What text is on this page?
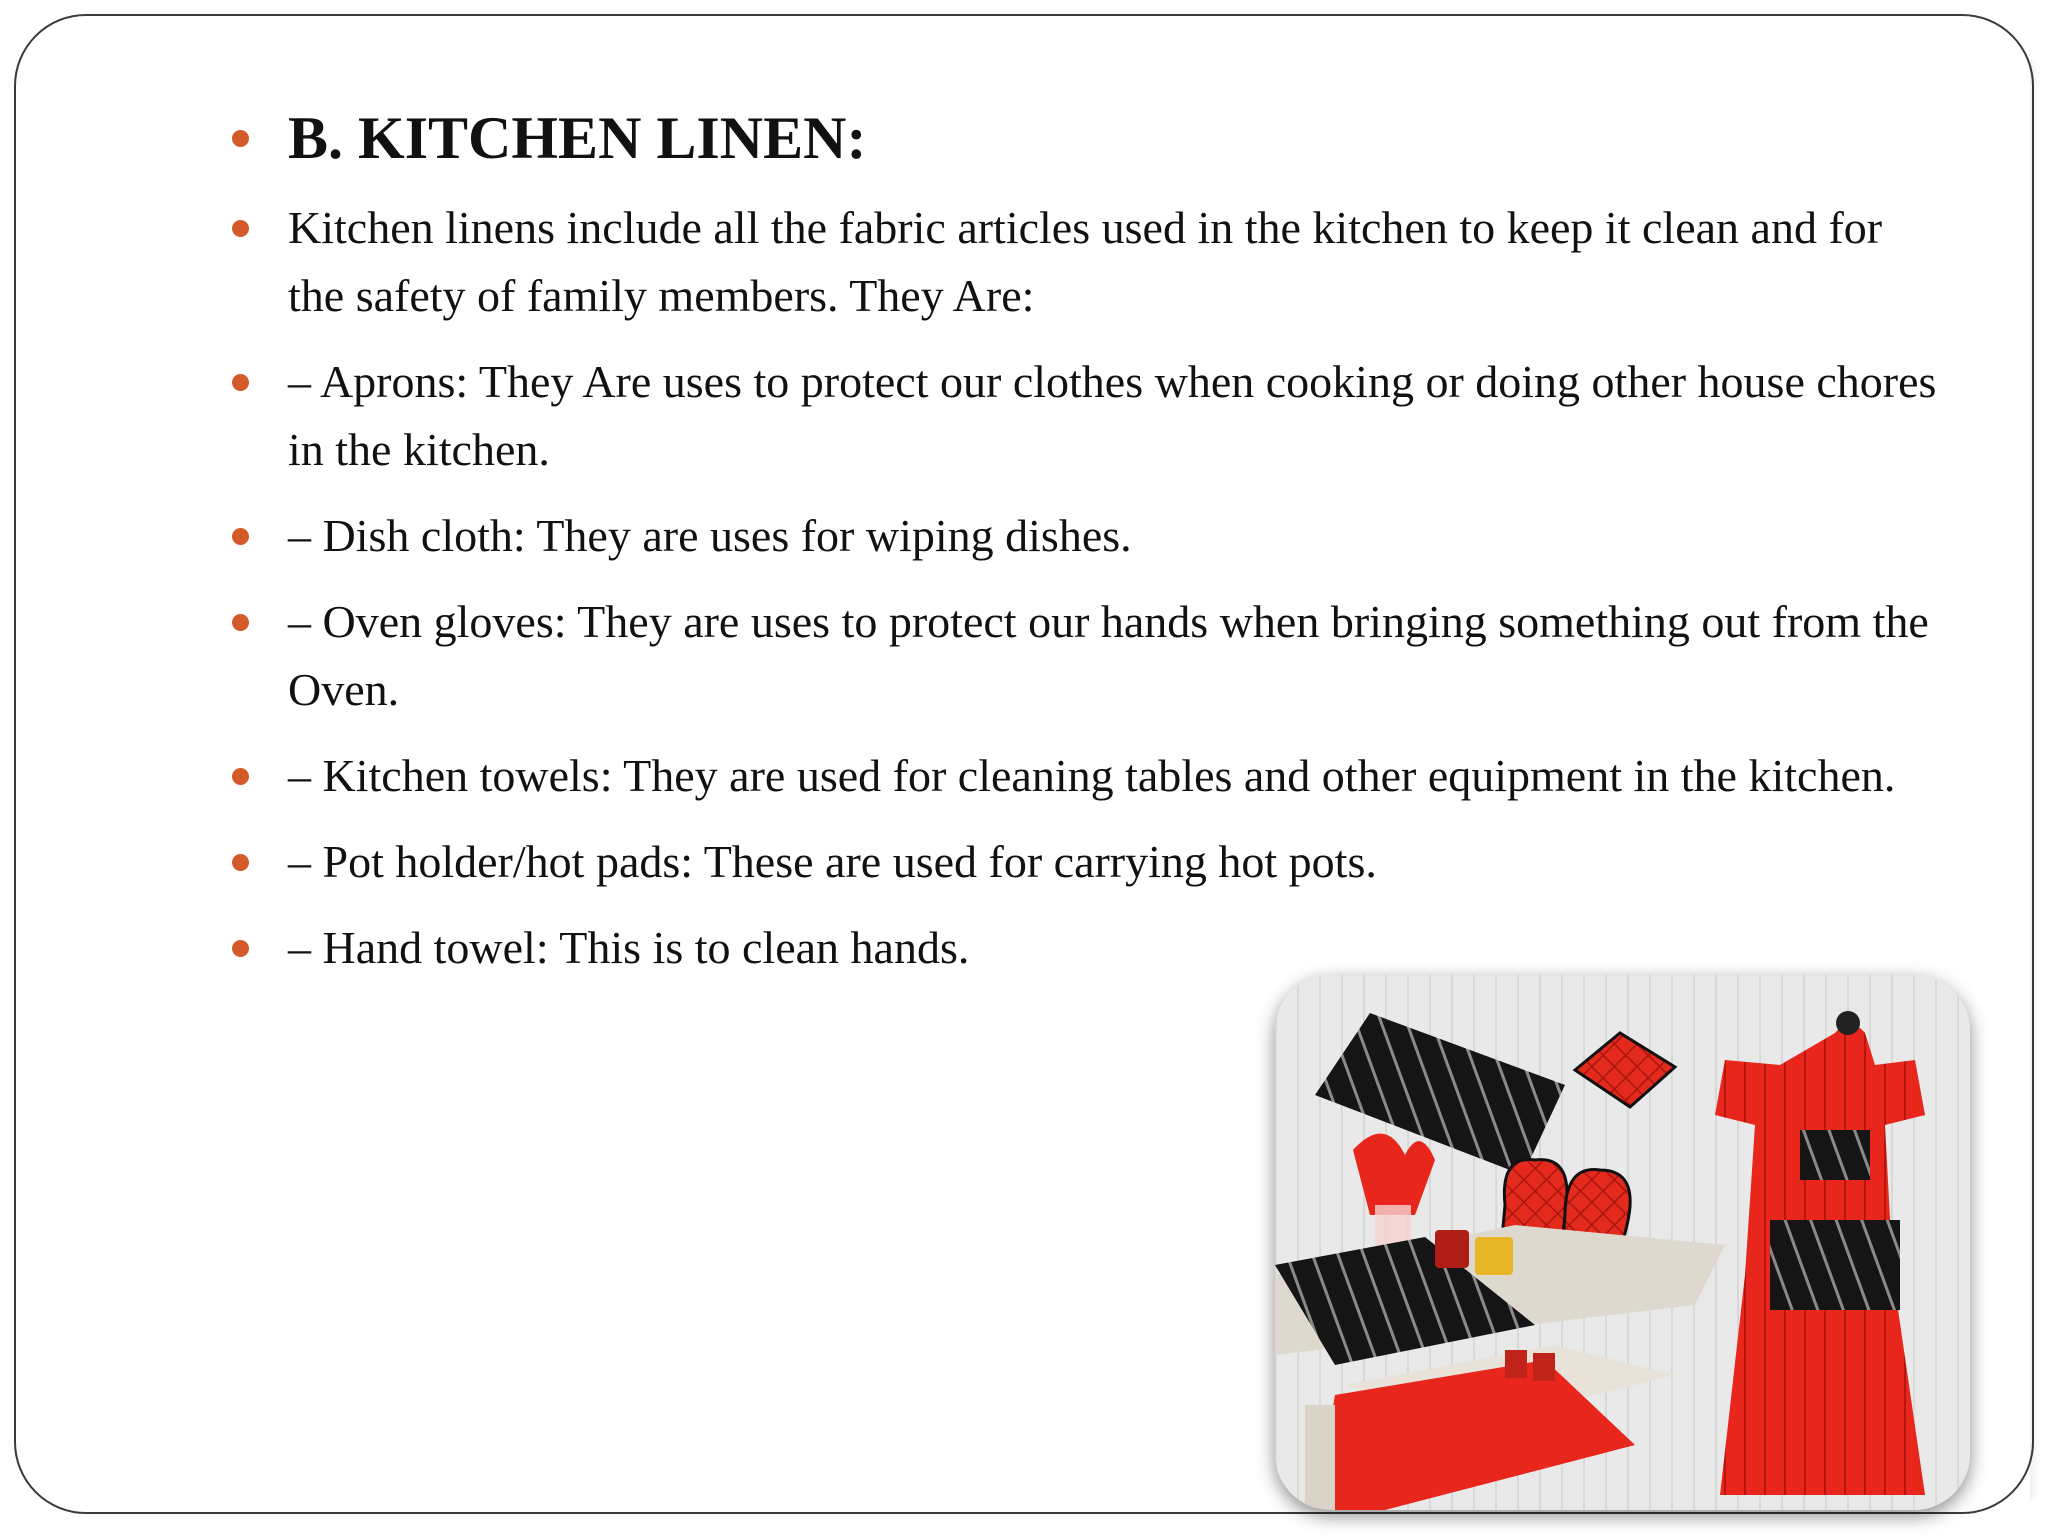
B. KITCHEN LINEN:

Kitchen linens include all the fabric articles used in the kitchen to keep it clean and for the safety of family members. They Are:

– Aprons: They Are uses to protect our clothes when cooking or doing other house chores in the kitchen.

– Dish cloth: They are uses for wiping dishes.

– Oven gloves: They are uses to protect our hands when bringing something out from the Oven.

– Kitchen towels: They are used for cleaning tables and other equipment in the kitchen.

– Pot holder/hot pads: These are used for carrying hot pots.

– Hand towel: This is to clean hands.
